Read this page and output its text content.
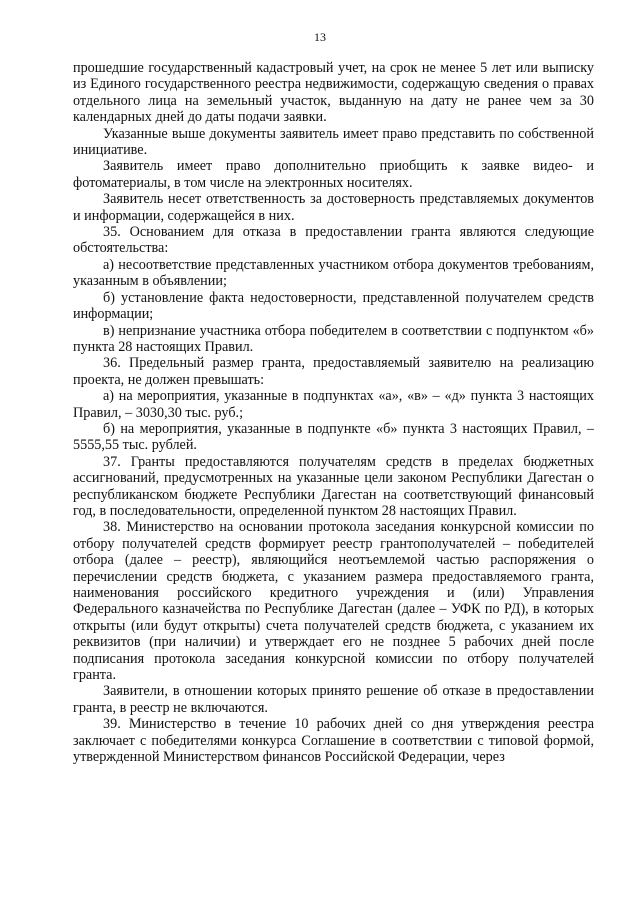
13

прошедшие государственный кадастровый учет, на срок не менее 5 лет или выписку из Единого государственного реестра недвижимости, содержащую сведения о правах отдельного лица на земельный участок, выданную на дату не ранее чем за 30 календарных дней до даты подачи заявки.

Указанные выше документы заявитель имеет право представить по собственной инициативе.

Заявитель имеет право дополнительно приобщить к заявке видео- и фотоматериалы, в том числе на электронных носителях.

Заявитель несет ответственность за достоверность представляемых документов и информации, содержащейся в них.

35. Основанием для отказа в предоставлении гранта являются следующие обстоятельства:

а) несоответствие представленных участником отбора документов требованиям, указанным в объявлении;

б) установление факта недостоверности, представленной получателем средств информации;

в) непризнание участника отбора победителем в соответствии с подпунктом «б» пункта 28 настоящих Правил.

36. Предельный размер гранта, предоставляемый заявителю на реализацию проекта, не должен превышать:

а) на мероприятия, указанные в подпунктах «а», «в» – «д» пункта 3 настоящих Правил, – 3030,30 тыс. руб.;

б) на мероприятия, указанные в подпункте «б» пункта 3 настоящих Правил, – 5555,55 тыс. рублей.

37. Гранты предоставляются получателям средств в пределах бюджетных ассигнований, предусмотренных на указанные цели законом Республики Дагестан о республиканском бюджете Республики Дагестан на соответствующий финансовый год, в последовательности, определенной пунктом 28 настоящих Правил.

38. Министерство на основании протокола заседания конкурсной комиссии по отбору получателей средств формирует реестр грантополучателей – победителей отбора (далее – реестр), являющийся неотъемлемой частью распоряжения о перечислении средств бюджета, с указанием размера предоставляемого гранта, наименования российского кредитного учреждения и (или) Управления Федерального казначейства по Республике Дагестан (далее – УФК по РД), в которых открыты (или будут открыты) счета получателей средств бюджета, с указанием их реквизитов (при наличии) и утверждает его не позднее 5 рабочих дней после подписания протокола заседания конкурсной комиссии по отбору получателей гранта.

Заявители, в отношении которых принято решение об отказе в предоставлении гранта, в реестр не включаются.

39. Министерство в течение 10 рабочих дней со дня утверждения реестра заключает с победителями конкурса Соглашение в соответствии с типовой формой, утвержденной Министерством финансов Российской Федерации, через
